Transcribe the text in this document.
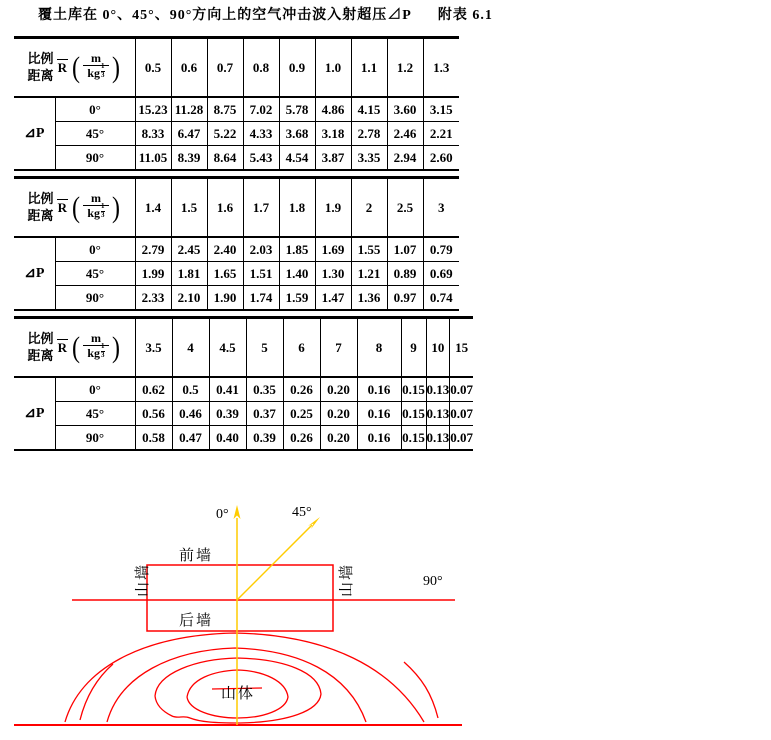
覆土库在 0°、45°、90°方向上的空气冲击波入射超压⊿P 附表 6.1
比例
距离 R ( $\frac{m}{kg \frac{1}{3}}$ )	0.5	0.6	0.7	0.8	0.9	1.0	1.1	1.2	1.3
⊿P	0°	15.23	11.28	8.75	7.02	5.78	4.86	4.15	3.60	3.15
	45°	8.33	6.47	5.22	4.33	3.68	3.18	2.78	2.46	2.21
	90°	11.05	8.39	8.64	5.43	4.54	3.87	3.35	2.94	2.60
比例
距离 R ( $\frac{m}{kg \frac{1}{3}}$ )	1.4	1.5	1.6	1.7	1.8	1.9	2	2.5	3
⊿P	0°	2.79	2.45	2.40	2.03	1.85	1.69	1.55	1.07	0.79
	45°	1.99	1.81	1.65	1.51	1.40	1.30	1.21	0.89	0.69
	90°	2.33	2.10	1.90	1.74	1.59	1.47	1.36	0.97	0.74
比例
距离 R ( $\frac{m}{kg \frac{1}{3}}$ )	3.5	4	4.5	5	6	7	8	9	10	15
⊿P	0°	0.62	0.5	0.41	0.35	0.26	0.20	0.16	0.15	0.13	0.07
	45°	0.56	0.46	0.39	0.37	0.25	0.20	0.16	0.15	0.13	0.07
	90°	0.58	0.47	0.40	0.39	0.26	0.20	0.16	0.15	0.13	0.07
0°	45°
90°
前墙
后墙
山墙	山墙
山体
